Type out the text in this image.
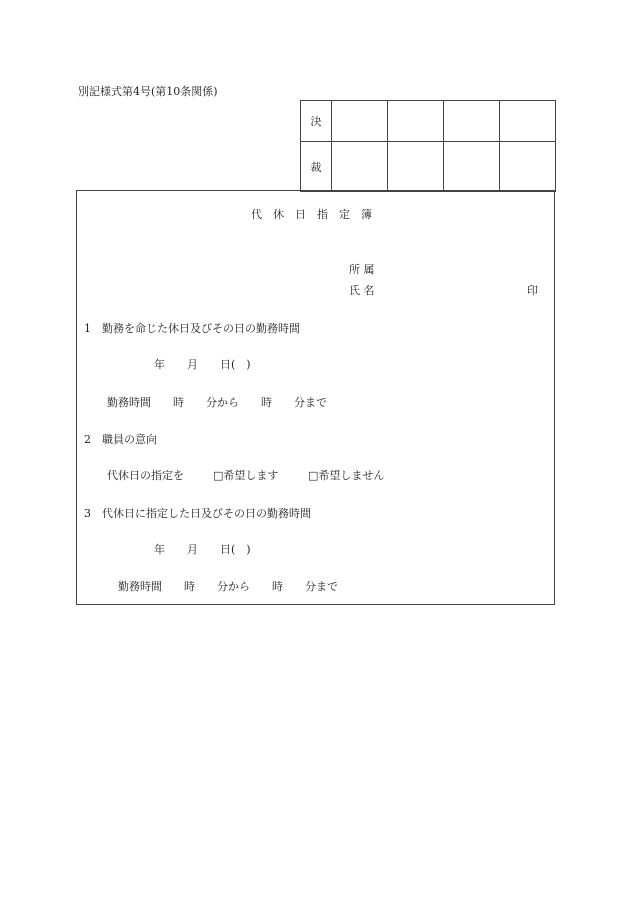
別記様式第4号(第10条関係)
決				
裁				
代休日指定簿
所 属
氏 名	印
1　勤務を命じた休日及びその日の勤務時間
年　　月　　日(　)
勤務時間　　時　　分から　　時　　分まで
2　職員の意向
代休日の指定を	□希望します	□希望しません
3　代休日に指定した日及びその日の勤務時間
年　　月　　日(　)
勤務時間　　時　　分から　　時　　分まで
